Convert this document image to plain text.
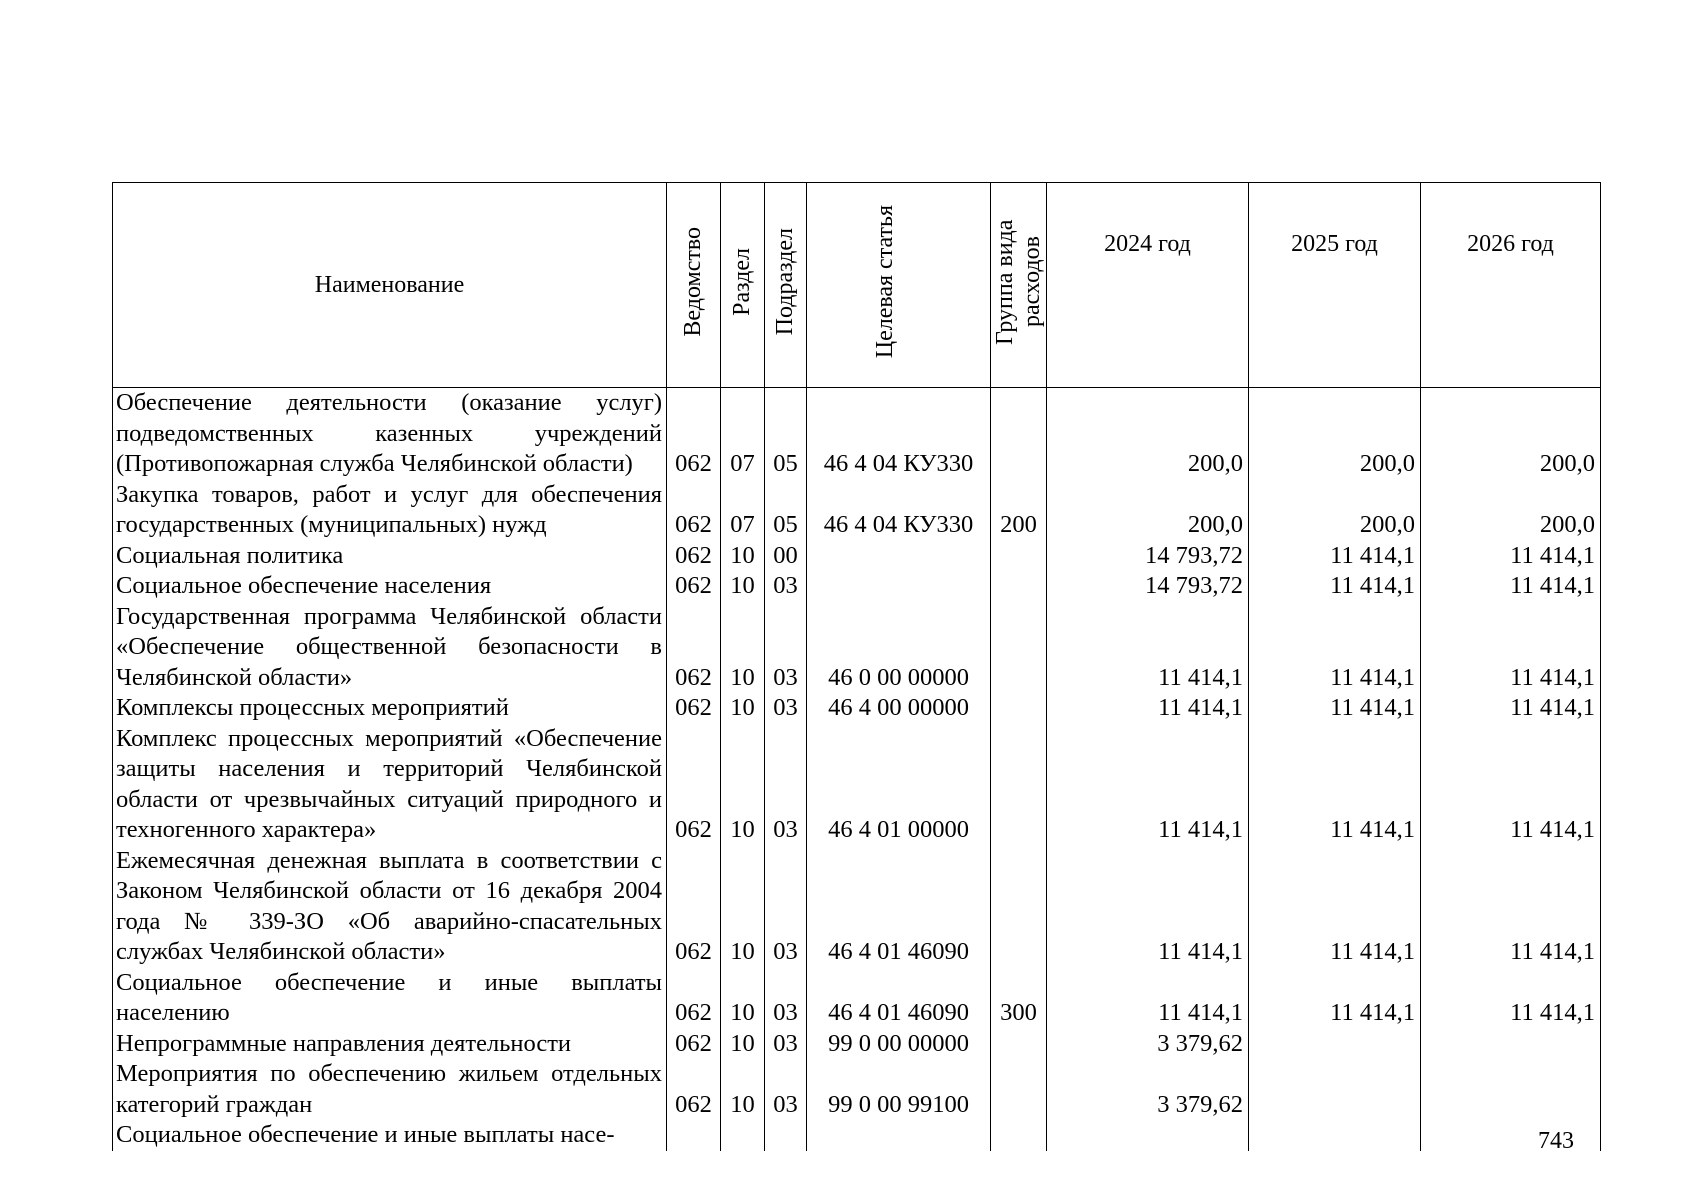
Наименование	Ведомство	Раздел	Подраздел	Целевая статья	Группа вида расходов	2024 год	2025 год	2026 год
Обеспечение деятельности (оказание услуг) подведомственных казенных учреждений (Противопожарная служба Челябинской области)	062	07	05	46 4 04 КУ330		200,0	200,0	200,0
Закупка товаров, работ и услуг для обеспечения государственных (муниципальных) нужд	062	07	05	46 4 04 КУ330	200	200,0	200,0	200,0
Социальная политика	062	10	00			14 793,72	11 414,1	11 414,1
Социальное обеспечение населения	062	10	03			14 793,72	11 414,1	11 414,1
Государственная программа Челябинской области «Обеспечение общественной безопасности в Челябинской области»	062	10	03	46 0 00 00000		11 414,1	11 414,1	11 414,1
Комплексы процессных мероприятий	062	10	03	46 4 00 00000		11 414,1	11 414,1	11 414,1
Комплекс процессных мероприятий «Обеспечение защиты населения и территорий Челябинской области от чрезвычайных ситуаций природного и техногенного характера»	062	10	03	46 4 01 00000		11 414,1	11 414,1	11 414,1
Ежемесячная денежная выплата в соответствии с Законом Челябинской области от 16 декабря 2004 года № 339-ЗО «Об аварийно-спасательных службах Челябинской области»	062	10	03	46 4 01 46090		11 414,1	11 414,1	11 414,1
Социальное обеспечение и иные выплаты населению	062	10	03	46 4 01 46090	300	11 414,1	11 414,1	11 414,1
Непрограммные направления деятельности	062	10	03	99 0 00 00000		3 379,62		
Мероприятия по обеспечению жильем отдельных категорий граждан	062	10	03	99 0 00 99100		3 379,62		
Социальное обеспечение и иные выплаты насе-									743
